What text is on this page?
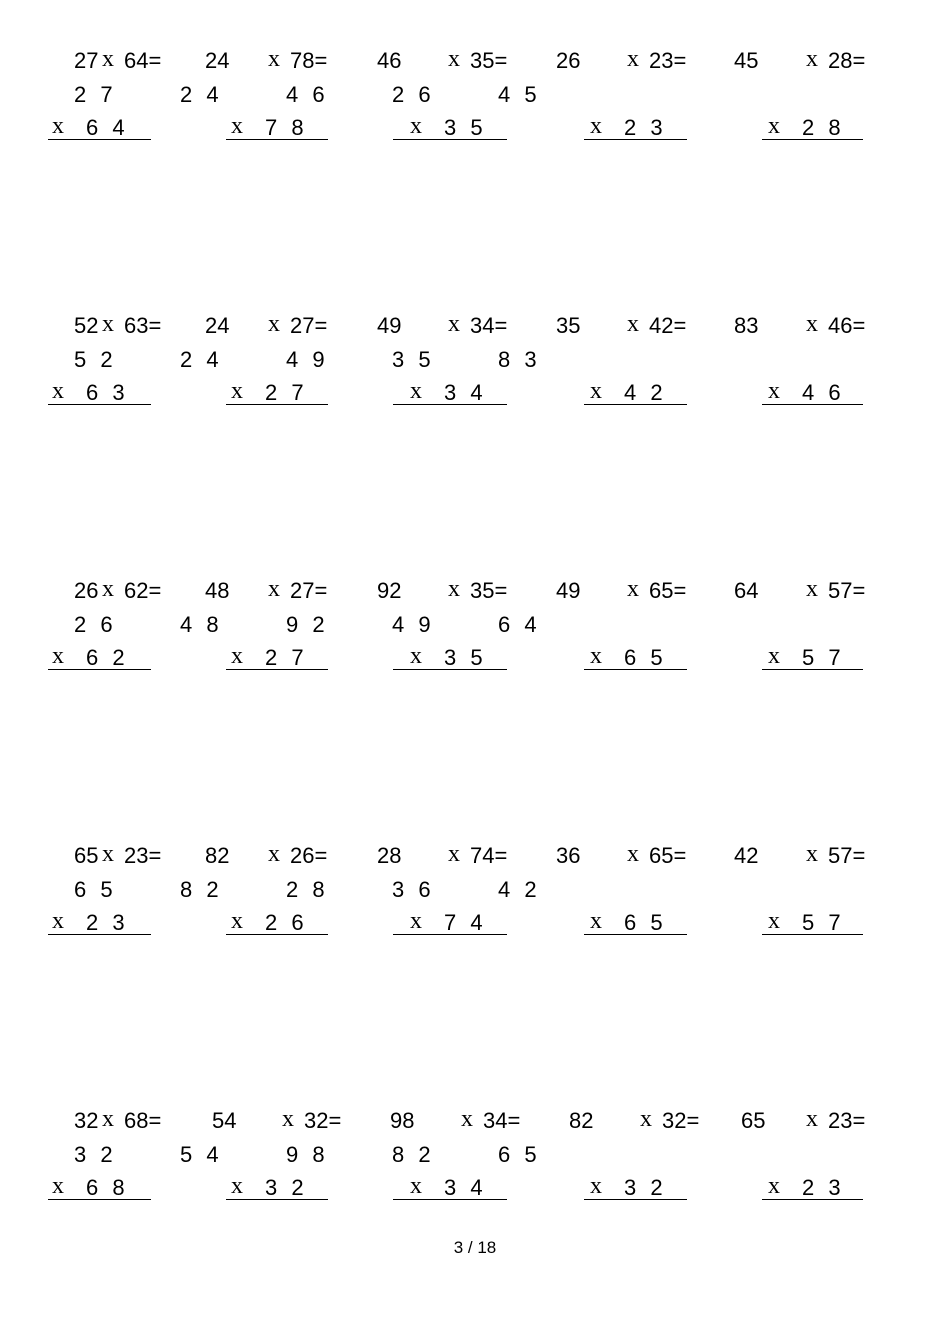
27 x 64= 24 x 78= 46 x 35= 26 x 23= 45 x 28=
2 7	2 4	4 6	2 6	4 5
x 6 4	x 7 8	x 3 5	x 2 3	x 2 8
52 x 63= 24 x 27= 49 x 34= 35 x 42= 83 x 46=
5 2	2 4	4 9	3 5	8 3
x 6 3	x 2 7	x 3 4	x 4 2	x 4 6
26 x 62= 48 x 27= 92 x 35= 49 x 65= 64 x 57=
2 6	4 8	9 2	4 9	6 4
x 6 2	x 2 7	x 3 5	x 6 5	x 5 7
65 x 23= 82 x 26= 28 x 74= 36 x 65= 42 x 57=
6 5	8 2	2 8	3 6	4 2
x 2 3	x 2 6	x 7 4	x 6 5	x 5 7
32 x 68= 54 x 32= 98 x 34= 82 x 32= 65 x 23=
3 2	5 4	9 8	8 2	6 5
x 6 8	x 3 2	x 3 4	x 3 2	x 2 3
3 / 18
